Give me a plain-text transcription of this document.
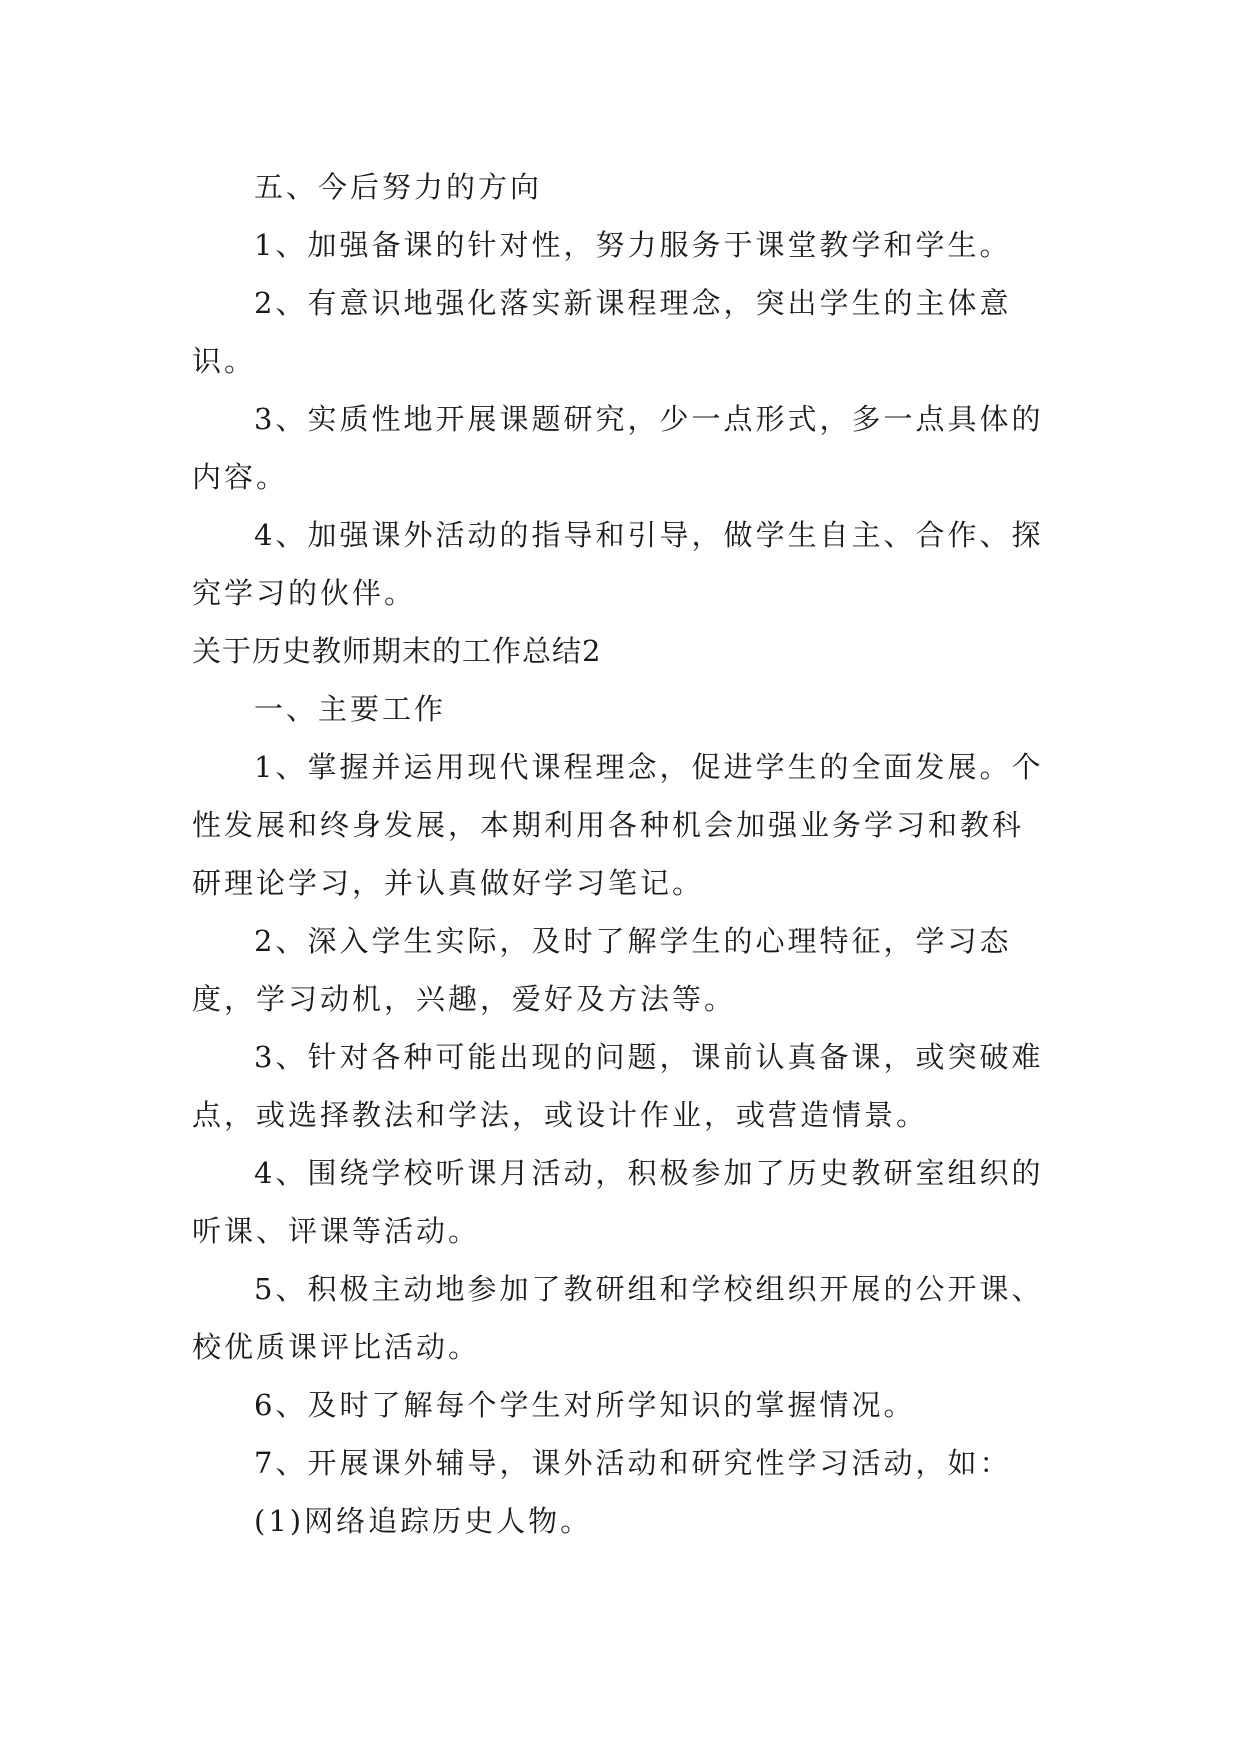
五、今后努力的方向

1、加强备课的针对性，努力服务于课堂教学和学生。

2、有意识地强化落实新课程理念，突出学生的主体意识。

3、实质性地开展课题研究，少一点形式，多一点具体的内容。

4、加强课外活动的指导和引导，做学生自主、合作、探究学习的伙伴。

关于历史教师期末的工作总结2

一、主要工作

1、掌握并运用现代课程理念，促进学生的全面发展。个性发展和终身发展，本期利用各种机会加强业务学习和教科研理论学习，并认真做好学习笔记。

2、深入学生实际，及时了解学生的心理特征，学习态度，学习动机，兴趣，爱好及方法等。

3、针对各种可能出现的问题，课前认真备课，或突破难点，或选择教法和学法，或设计作业，或营造情景。

4、围绕学校听课月活动，积极参加了历史教研室组织的听课、评课等活动。

5、积极主动地参加了教研组和学校组织开展的公开课、校优质课评比活动。

6、及时了解每个学生对所学知识的掌握情况。

7、开展课外辅导，课外活动和研究性学习活动，如：

(1)网络追踪历史人物。
